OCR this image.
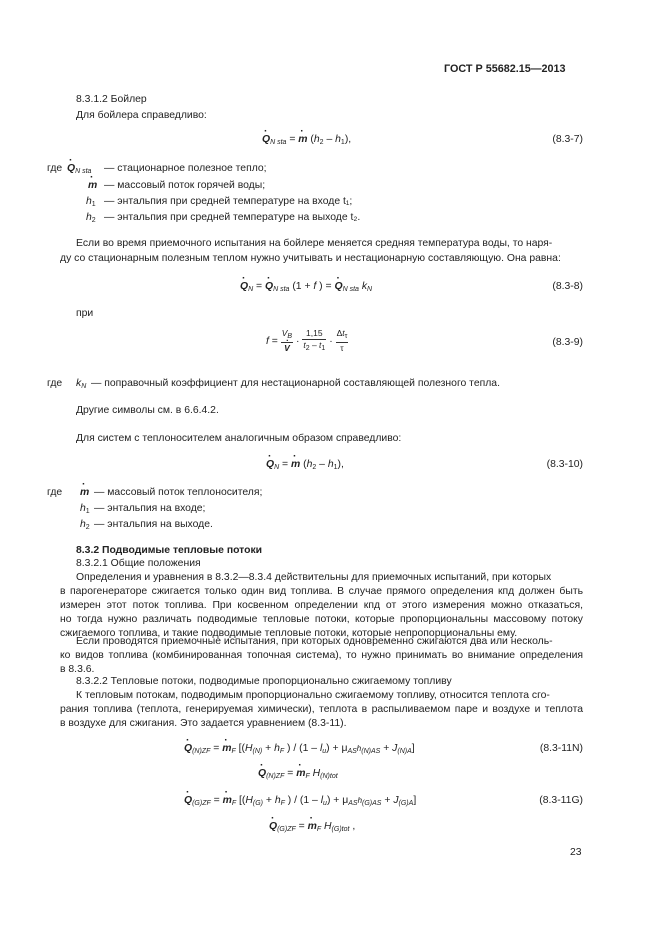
ГОСТ Р 55682.15—2013
8.3.1.2 Бойлер
Для бойлера справедливо:
· $Q_{N sta}$ = · m $(h_2 - h_1)$,	(8.3-7)
где · $Q_{N sta}$ — стационарное полезное тепло;
· m — массовый поток горячей воды;
$h_1$ — энтальпия при средней температуре на входе t₁;
$h_2$ — энтальпия при средней температуре на выходе t₂.
Если во время приемочного испытания на бойлере меняется средняя температура воды, то наря-
ду со стационарным полезным теплом нужно учитывать и нестационарную составляющую. Она равна:
· $Q_N$ = · $Q_{N sta}$ (1 + f ) = · $Q_{N sta}$ $k_N$	(8.3-8)
при
$f = V_B$
· $V \cdot \frac{1,15}{t_2 - t_1} \cdot \frac{\Delta t_\tau}{\tau}$	(8.3-9)
где $k_N$ — поправочный коэффициент для нестационарной составляющей полезного тепла.
Другие символы см. в 6.6.4.2.
Для систем с теплоносителем аналогичным образом справедливо:
· $Q_N$ = · m $(h_2 - h_1)$,	(8.3-10)
где · m — массовый поток теплоносителя;
$h_1$ — энтальпия на входе;
$h_2$ — энтальпия на выходе.
8.3.2 Подводимые тепловые потоки
8.3.2.1 Общие положения
Определения и уравнения в 8.3.2—8.3.4 действительны для приемочных испытаний, при которых
в парогенераторе сжигается только один вид топлива. В случае прямого определения кпд должен быть
измерен этот поток топлива. При косвенном определении кпд от этого измерения можно отказаться,
но тогда нужно различать подводимые тепловые потоки, которые пропорциональны массовому потоку
сжигаемого топлива, и такие подводимые тепловые потоки, которые непропорциональны ему.
Если проводятся приемочные испытания, при которых одновременно сжигаются два или несколь-
ко видов топлива (комбинированная топочная система), то нужно принимать во внимание определения
в 8.3.6.
8.3.2.2 Тепловые потоки, подводимые пропорционально сжигаемому топливу
К тепловым потокам, подводимым пропорционально сжигаемому топливу, относится теплота сго-
рания топлива (теплота, генерируемая химически), теплота в распыливаемом паре и воздухе и теплота
в воздухе для сжигания. Это задается уравнением (8.3-11).
· $Q_{(N)ZF}$ = · $m_F$ [($H_{(N)} + h_F$ ) / $(1 - l_u) + \mu_{AS}h_{(N)AS} + J_{(N)A}$]	(8.3-11N)
· $Q_{(N)ZF}$ = · $m_F$ $H_{(N)tot}$
· $Q_{(G)ZF}$ = · $m_F$ [($H_{(G)} + h_F$ ) / $(1 - l_u) + \mu_{AS}h_{(G)AS} + J_{(G)A}$]	(8.3-11G)
· $Q_{(G)ZF}$ = · $m_F$ $H_{(G)tot}$ ,
23
